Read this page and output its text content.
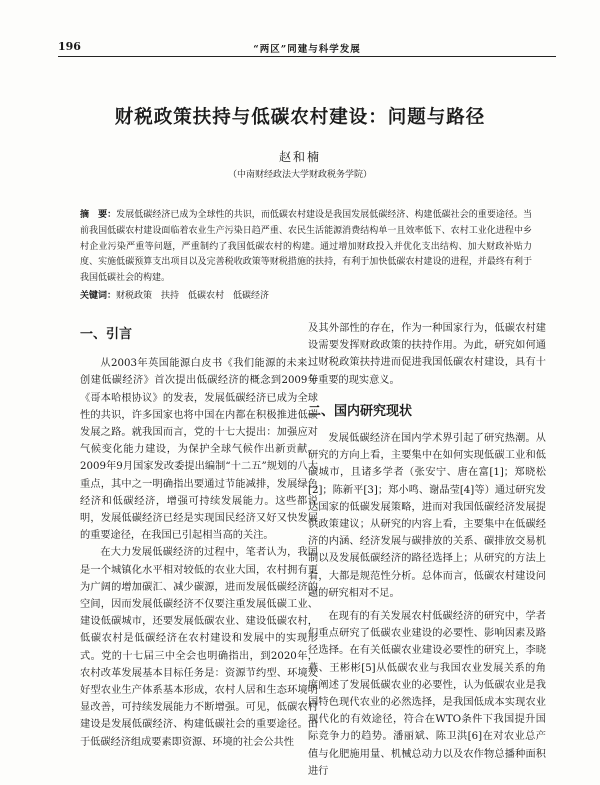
196	“两区”同建与科学发展
财税政策扶持与低碳农村建设：问题与路径
赵和楠
（中南财经政法大学财政税务学院）
摘　要：发展低碳经济已成为全球性的共识，而低碳农村建设是我国发展低碳经济、构建低碳社会的重要途径。当前我国低碳农村建设面临着农业生产污染日趋严重、农民生活能源消费结构单一且效率低下、农村工业化进程中乡村企业污染严重等问题，严重制约了我国低碳农村的构建。通过增加财政投入并优化支出结构、加大财政补贴力度、实施低碳预算支出项目以及完善税收政策等财税措施的扶持，有利于加快低碳农村建设的进程，并最终有利于我国低碳社会的构建。
关键词：财税政策　扶持　低碳农村　低碳经济
一、引言

从2003年英国能源白皮书《我们能源的未来：创建低碳经济》首次提出低碳经济的概念到2009年《哥本哈根协议》的发表，发展低碳经济已成为全球性的共识，许多国家也将中国在内都在积极推进低碳发展之路。就我国而言，党的十七大提出：加强应对气候变化能力建设，为保护全球气候作出新贡献。2009年9月国家发改委提出编制“十二五”规划的八大重点，其中之一明确指出要通过节能减排，发展绿色经济和低碳经济，增强可持续发展能力。这些都说明，发展低碳经济已经是实现国民经济又好又快发展的重要途径，在我国已引起相当高的关注。

在大力发展低碳经济的过程中，笔者认为，我国是一个城镇化水平相对较低的农业大国，农村拥有更为广阔的增加碳汇、减少碳源，进而发展低碳经济的空间，因而发展低碳经济不仅要注重发展低碳工业、建设低碳城市，还要发展低碳农业、建设低碳农村，低碳农村是低碳经济在农村建设和发展中的实现形式。党的十七届三中全会也明确指出，到2020年，农村改革发展基本目标任务是：资源节约型、环境友好型农业生产体系基本形成，农村人居和生态环境明显改善，可持续发展能力不断增强。可见，低碳农村建设是发展低碳经济、构建低碳社会的重要途径。由于低碳经济组成要素即资源、环境的社会公共性

及其外部性的存在，作为一种国家行为，低碳农村建设需要发挥财政政策的扶持作用。为此，研究如何通过财税政策扶持进而促进我国低碳农村建设，具有十分重要的现实意义。

二、国内研究现状

发展低碳经济在国内学术界引起了研究热潮。从研究的方向上看，主要集中在如何实现低碳工业和低碳城市，且诸多学者（张安宁、唐在富[1]；郑晓松[2]；陈新平[3]；郑小鸣、谢晶莹[4]等）通过研究发达国家的低碳发展策略，进而对我国低碳经济发展提供政策建议；从研究的内容上看，主要集中在低碳经济的内涵、经济发展与碳排放的关系、碳排放交易机制以及发展低碳经济的路径选择上；从研究的方法上看，大都是规范性分析。总体而言，低碳农村建设问题的研究相对不足。

在现有的有关发展农村低碳经济的研究中，学者们重点研究了低碳农业建设的必要性、影响因素及路径选择。在有关低碳农业建设必要性的研究上，李晓燕、王彬彬[5]从低碳农业与我国农业发展关系的角度阐述了发展低碳农业的必要性，认为低碳农业是我国特色现代农业的必然选择，是我国低成本实现农业现代化的有效途径，符合在WTO条件下我国提升国际竞争力的趋势。潘丽斌、陈卫洪[6]在对农业总产值与化肥施用量、机械总动力以及农作物总播种面积进行
